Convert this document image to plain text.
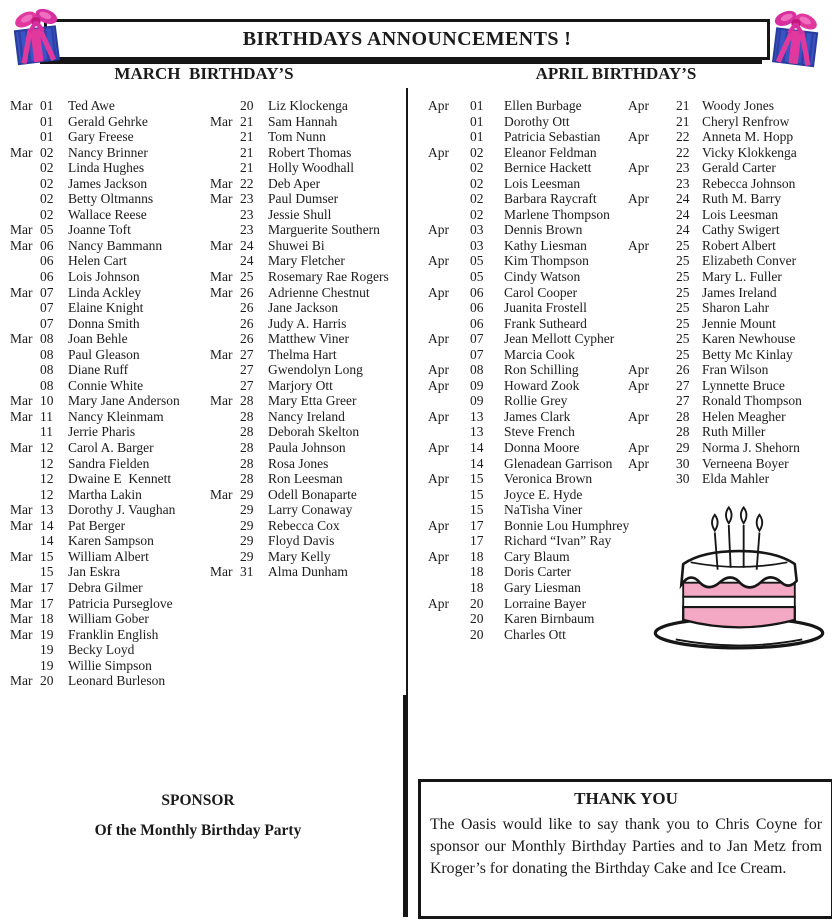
BIRTHDAYS ANNOUNCEMENTS !
MARCH  BIRTHDAY’S	APRIL BIRTHDAY’S
Mar 01	Ted Awe
01	Gerald Gehrke
01	Gary Freese
Mar 02	Nancy Brinner
02	Linda Hughes
02	James Jackson
02	Betty Oltmanns
02	Wallace Reese
Mar 05	Joanne Toft
Mar 06	Nancy Bammann
06	Helen Cart
06	Lois Johnson
Mar 07	Linda Ackley
07	Elaine Knight
07	Donna Smith
Mar 08	Joan Behle
08	Paul Gleason
08	Diane Ruff
08	Connie White
Mar 10	Mary Jane Anderson
Mar 11	Nancy Kleinmam
11	Jerrie Pharis
Mar 12	Carol A. Barger
12	Sandra Fielden
12	Dwaine E  Kennett
12	Martha Lakin
Mar 13	Dorothy J. Vaughan
Mar 14	Pat Berger
14	Karen Sampson
Mar 15	William Albert
15	Jan Eskra
Mar 17	Debra Gilmer
Mar 17	Patricia Purseglove
Mar 18	William Gober
Mar 19	Franklin English
19	Becky Loyd
19	Willie Simpson
Mar 20	Leonard Burleson
20	Liz Klockenga
Mar 21	Sam Hannah
21	Tom Nunn
21	Robert Thomas
21	Holly Woodhall
Mar 22	Deb Aper
Mar 23	Paul Dumser
23	Jessie Shull
23	Marguerite Southern
Mar 24	Shuwei Bi
24	Mary Fletcher
Mar 25	Rosemary Rae Rogers
Mar 26	Adrienne Chestnut
26	Jane Jackson
26	Judy A. Harris
26	Matthew Viner
Mar 27	Thelma Hart
27	Gwendolyn Long
27	Marjory Ott
Mar 28	Mary Etta Greer
28	Nancy Ireland
28	Deborah Skelton
28	Paula Johnson
28	Rosa Jones
28	Ron Leesman
Mar 29	Odell Bonaparte
29	Larry Conaway
29	Rebecca Cox
29	Floyd Davis
29	Mary Kelly
Mar 31	Alma Dunham
Apr	01	Ellen Burbage
01	Dorothy Ott
01	Patricia Sebastian
Apr	02	Eleanor Feldman
02	Bernice Hackett
02	Lois Leesman
02	Barbara Raycraft
02	Marlene Thompson
Apr	03	Dennis Brown
03	Kathy Liesman
Apr	05	Kim Thompson
05	Cindy Watson
Apr	06	Carol Cooper
06	Juanita Frostell
06	Frank Sutheard
Apr	07	Jean Mellott Cypher
07	Marcia Cook
Apr	08	Ron Schilling
Apr	09	Howard Zook
09	Rollie Grey
Apr	13	James Clark
13	Steve French
Apr	14	Donna Moore
14	Glenadean Garrison
Apr	15	Veronica Brown
15	Joyce E. Hyde
15	NaTisha Viner
Apr	17	Bonnie Lou Humphrey
17	Richard “Ivan” Ray
Apr	18	Cary Blaum
18	Doris Carter
18	Gary Liesman
Apr	20	Lorraine Bayer
20	Karen Birnbaum
20	Charles Ott
Apr	21 Woody Jones
21 Cheryl Renfrow
Apr	22 Anneta M. Hopp
22 Vicky Klokkenga
Apr	23 Gerald Carter
23 Rebecca Johnson
Apr	24 Ruth M. Barry
24 Lois Leesman
24 Cathy Swigert
Apr	25 Robert Albert
25 Elizabeth Conver
25 Mary L. Fuller
25 James Ireland
25 Sharon Lahr
25 Jennie Mount
25 Karen Newhouse
25 Betty Mc Kinlay
Apr	26 Fran Wilson
Apr	27 Lynnette Bruce
27 Ronald Thompson
Apr	28 Helen Meagher
28 Ruth Miller
Apr	29 Norma J. Shehorn
Apr	30 Verneena Boyer
30 Elda Mahler
SPONSOR
Of the Monthly Birthday Party
THANK YOU

The Oasis would like to say thank you to Chris Coyne for sponsor our Monthly Birthday Parties and to Jan Metz from Kroger’s for donating the Birthday Cake and Ice Cream.
